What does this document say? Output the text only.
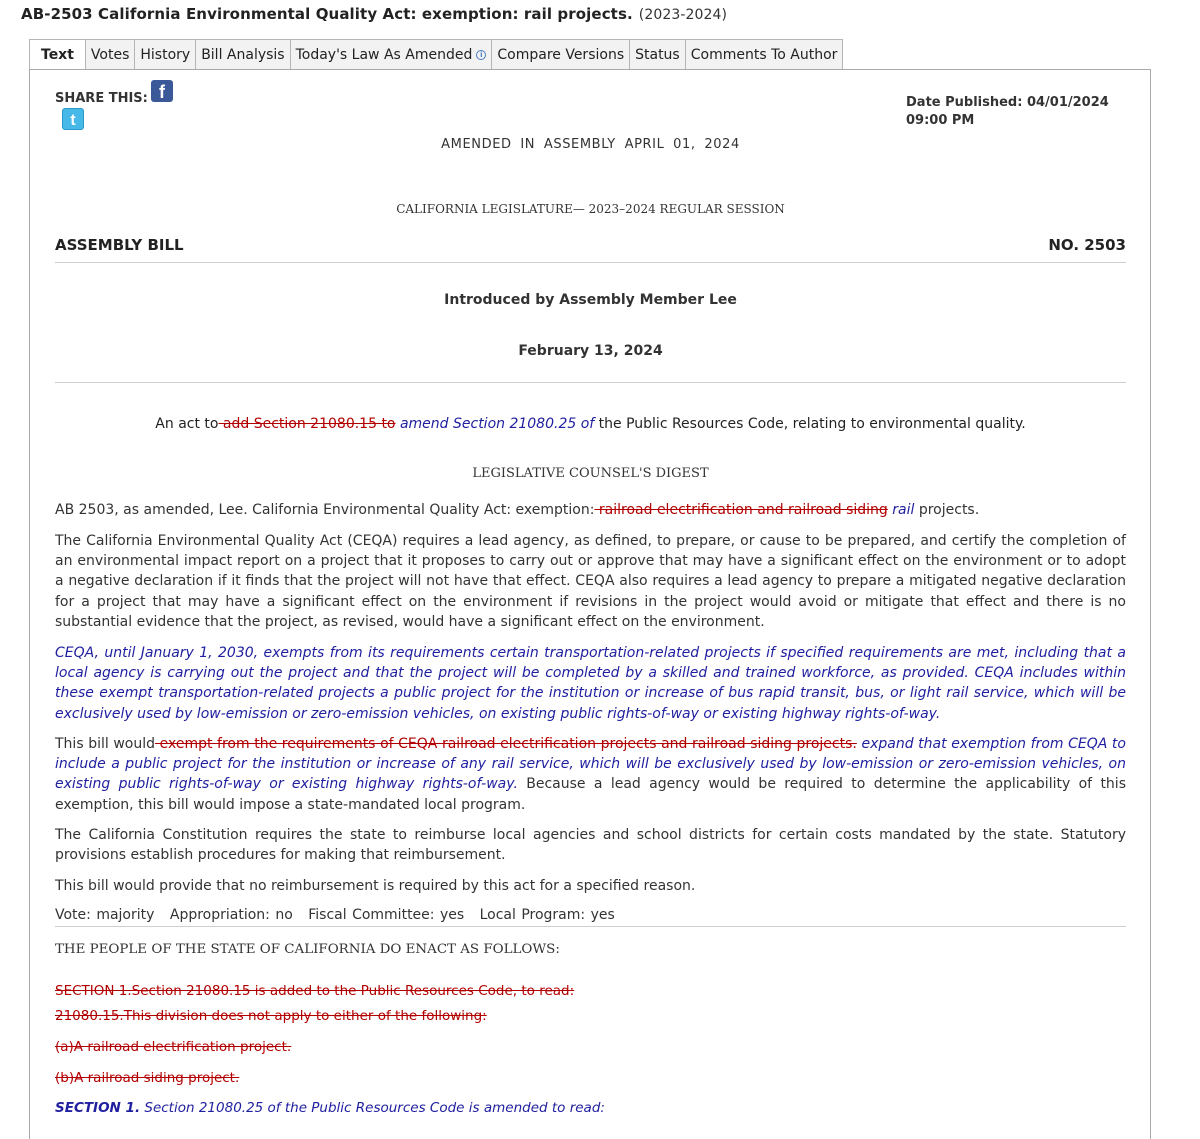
AB-2503 California Environmental Quality Act: exemption: rail projects. (2023-2024)
Text	Votes History Bill Analysis Today's Law As Amended i	Compare Versions Status Comments To Author
SHARE THIS: f
t
Date Published: 04/01/2024
09:00 PM
AMENDED IN ASSEMBLY APRIL 01, 2024
CALIFORNIA LEGISLATURE— 2023–2024 REGULAR SESSION
ASSEMBLY BILL	NO. 2503
Introduced by Assembly Member Lee
February 13, 2024
An act to add Section 21080.15 to amend Section 21080.25 of the Public Resources Code, relating to environmental quality.
LEGISLATIVE COUNSEL'S DIGEST
AB 2503, as amended, Lee. California Environmental Quality Act: exemption: railroad electrification and railroad siding rail projects.
The California Environmental Quality Act (CEQA) requires a lead agency, as defined, to prepare, or cause to be prepared, and certify the completion of an environmental impact report on a project that it proposes to carry out or approve that may have a significant effect on the environment or to adopt a negative declaration if it finds that the project will not have that effect. CEQA also requires a lead agency to prepare a mitigated negative declaration for a project that may have a significant effect on the environment if revisions in the project would avoid or mitigate that effect and there is no substantial evidence that the project, as revised, would have a significant effect on the environment.
CEQA, until January 1, 2030, exempts from its requirements certain transportation-related projects if specified requirements are met, including that a local agency is carrying out the project and that the project will be completed by a skilled and trained workforce, as provided. CEQA includes within these exempt transportation-related projects a public project for the institution or increase of bus rapid transit, bus, or light rail service, which will be exclusively used by low-emission or zero-emission vehicles, on existing public rights-of-way or existing highway rights-of-way.
This bill would exempt from the requirements of CEQA railroad electrification projects and railroad siding projects. expand that exemption from CEQA to include a public project for the institution or increase of any rail service, which will be exclusively used by low-emission or zero-emission vehicles, on existing public rights-of-way or existing highway rights-of-way. Because a lead agency would be required to determine the applicability of this exemption, this bill would impose a state-mandated local program.
The California Constitution requires the state to reimburse local agencies and school districts for certain costs mandated by the state. Statutory provisions establish procedures for making that reimbursement.
This bill would provide that no reimbursement is required by this act for a specified reason.
Vote: majority Appropriation: no Fiscal Committee: yes Local Program: yes
THE PEOPLE OF THE STATE OF CALIFORNIA DO ENACT AS FOLLOWS:
SECTION 1.Section 21080.15 is added to the Public Resources Code, to read:
21080.15.This division does not apply to either of the following:
(a)A railroad electrification project.
(b)A railroad siding project.
SECTION 1. Section 21080.25 of the Public Resources Code is amended to read:
